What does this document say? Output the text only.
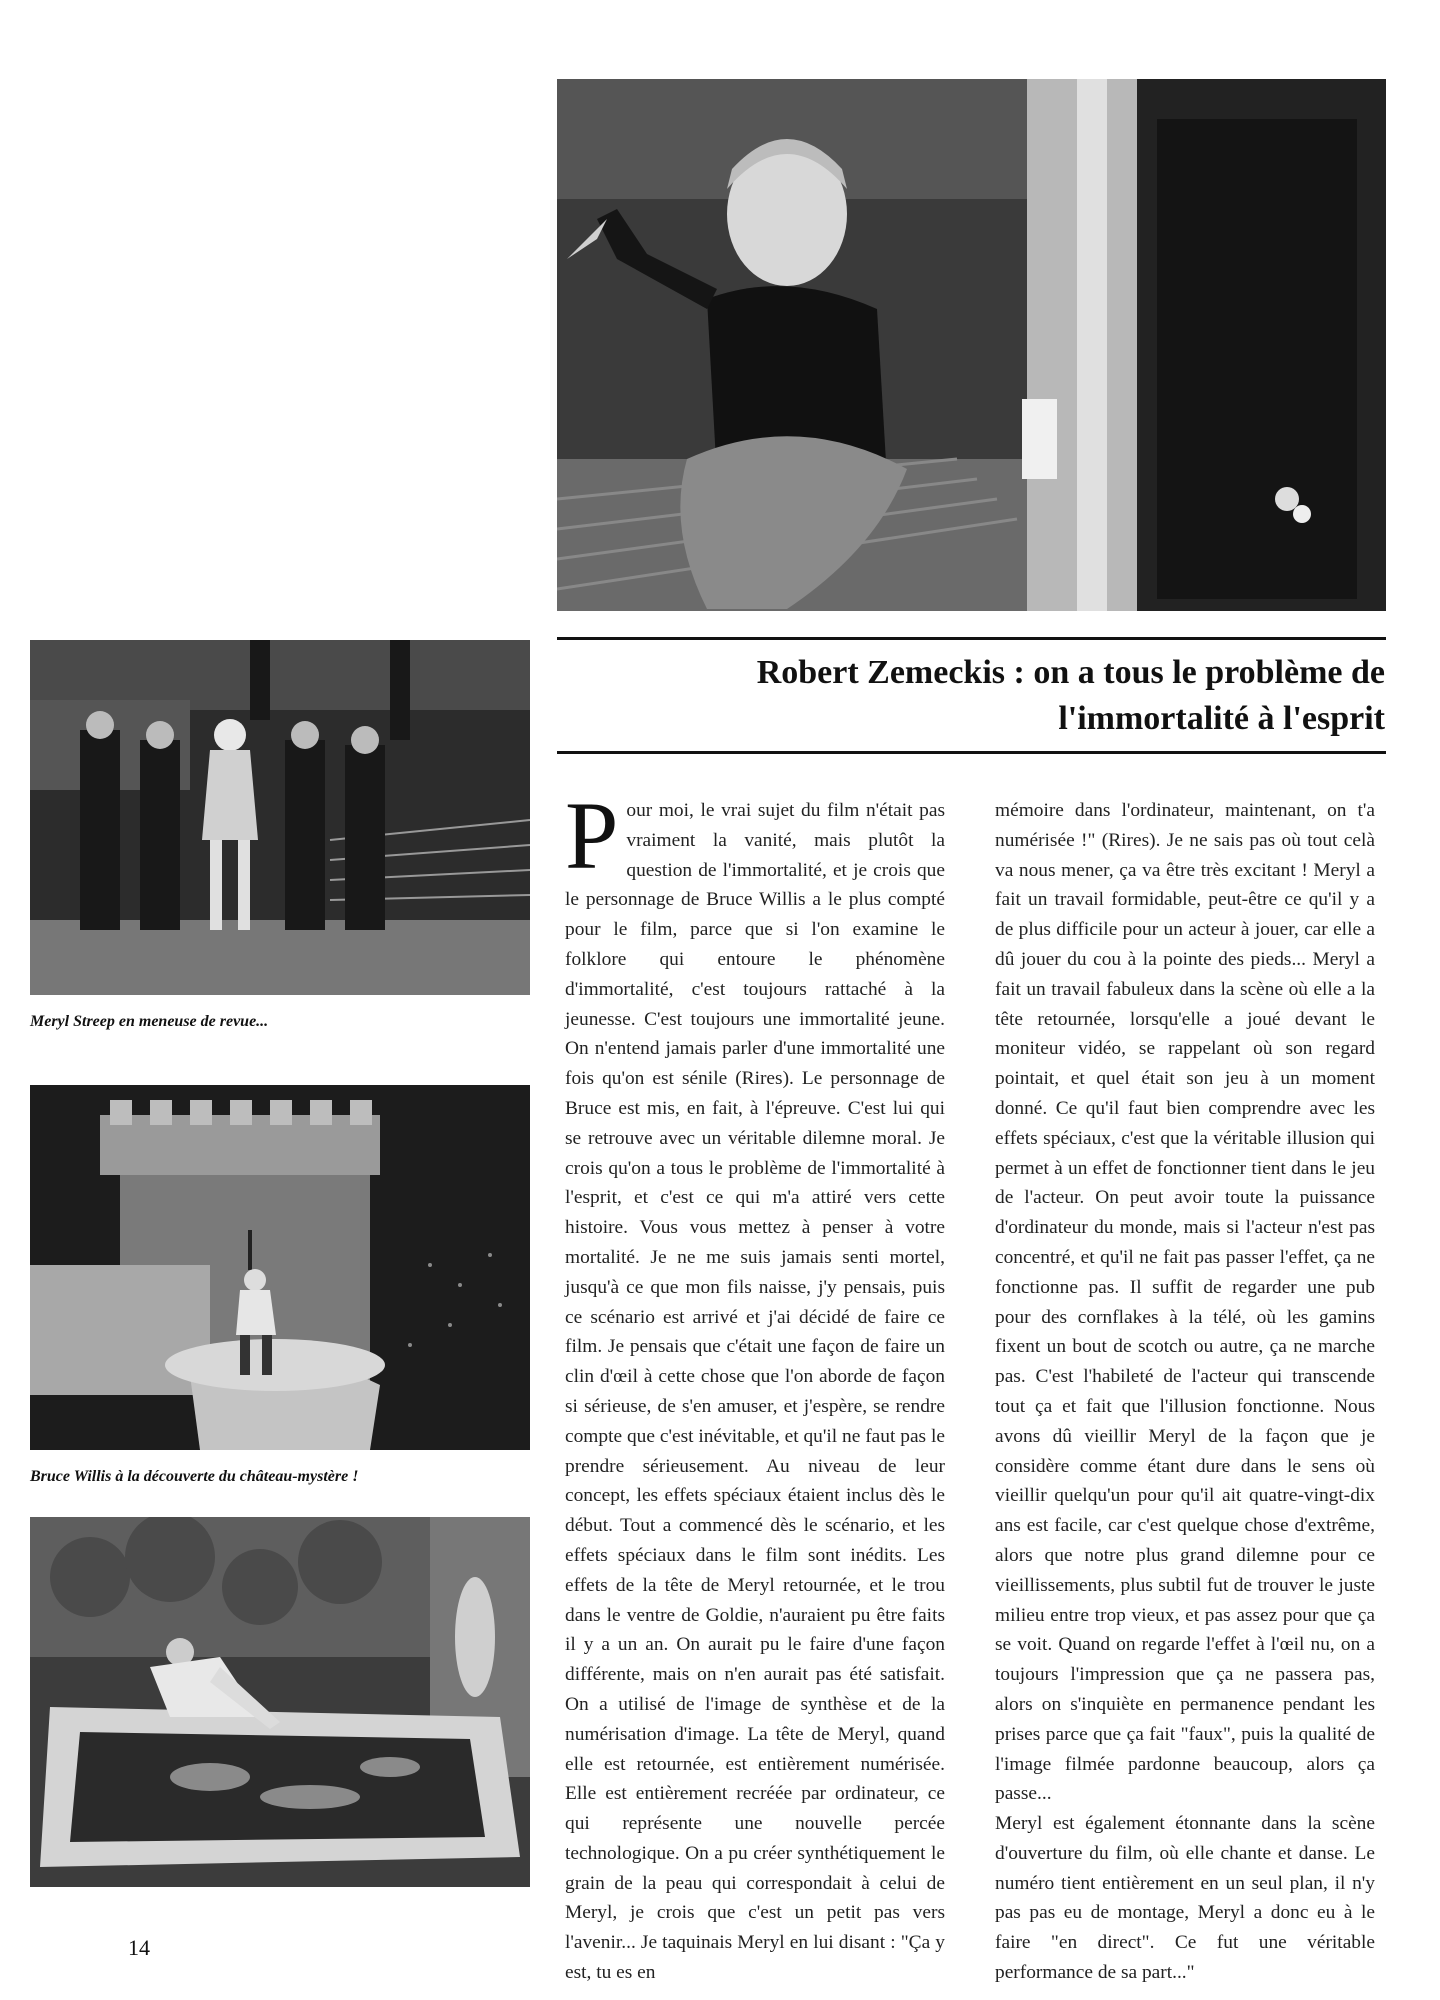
Meryl Streep en meneuse de revue...
Bruce Willis à la découverte du château-mystère !
Robert Zemeckis : on a tous le problème de
l'immortalité à l'esprit

Pour moi, le vrai sujet du film n'était pas vraiment la vanité, mais plutôt la question de l'immortalité, et je crois que le personnage de Bruce Willis a le plus compté pour le film, parce que si l'on examine le folklore qui entoure le phénomène d'immortalité, c'est toujours rattaché à la jeunesse. C'est toujours une immortalité jeune. On n'entend jamais parler d'une immortalité une fois qu'on est sénile (Rires). Le personnage de Bruce est mis, en fait, à l'épreuve. C'est lui qui se retrouve avec un véritable dilemne moral. Je crois qu'on a tous le problème de l'immortalité à l'esprit, et c'est ce qui m'a attiré vers cette histoire. Vous vous mettez à penser à votre mortalité. Je ne me suis jamais senti mortel, jusqu'à ce que mon fils naisse, j'y pensais, puis ce scénario est arrivé et j'ai décidé de faire ce film. Je pensais que c'était une façon de faire un clin d'œil à cette chose que l'on aborde de façon si sérieuse, de s'en amuser, et j'espère, se rendre compte que c'est inévitable, et qu'il ne faut pas le prendre sérieusement. Au niveau de leur concept, les effets spéciaux étaient inclus dès le début. Tout a commencé dès le scénario, et les effets spéciaux dans le film sont inédits. Les effets de la tête de Meryl retournée, et le trou dans le ventre de Goldie, n'auraient pu être faits il y a un an. On aurait pu le faire d'une façon différente, mais on n'en aurait pas été satisfait. On a utilisé de l'image de synthèse et de la numérisation d'image. La tête de Meryl, quand elle est retournée, est entièrement numérisée. Elle est entièrement recréée par ordinateur, ce qui représente une nouvelle percée technologique. On a pu créer synthétiquement le grain de la peau qui correspondait à celui de Meryl, je crois que c'est un petit pas vers l'avenir... Je taquinais Meryl en lui disant : "Ça y est, tu es en

mémoire dans l'ordinateur, maintenant, on t'a numérisée !" (Rires). Je ne sais pas où tout celà va nous mener, ça va être très excitant ! Meryl a fait un travail formidable, peut-être ce qu'il y a de plus difficile pour un acteur à jouer, car elle a dû jouer du cou à la pointe des pieds... Meryl a fait un travail fabuleux dans la scène où elle a la tête retournée, lorsqu'elle a joué devant le moniteur vidéo, se rappelant où son regard pointait, et quel était son jeu à un moment donné. Ce qu'il faut bien comprendre avec les effets spéciaux, c'est que la véritable illusion qui permet à un effet de fonctionner tient dans le jeu de l'acteur. On peut avoir toute la puissance d'ordinateur du monde, mais si l'acteur n'est pas concentré, et qu'il ne fait pas passer l'effet, ça ne fonctionne pas. Il suffit de regarder une pub pour des cornflakes à la télé, où les gamins fixent un bout de scotch ou autre, ça ne marche pas. C'est l'habileté de l'acteur qui transcende tout ça et fait que l'illusion fonctionne. Nous avons dû vieillir Meryl de la façon que je considère comme étant dure dans le sens où vieillir quelqu'un pour qu'il ait quatre-vingt-dix ans est facile, car c'est quelque chose d'extrême, alors que notre plus grand dilemne pour ce vieillissements, plus subtil fut de trouver le juste milieu entre trop vieux, et pas assez pour que ça se voit. Quand on regarde l'effet à l'œil nu, on a toujours l'impression que ça ne passera pas, alors on s'inquiète en permanence pendant les prises parce que ça fait "faux", puis la qualité de l'image filmée pardonne beaucoup, alors ça passe...

Meryl est également étonnante dans la scène d'ouverture du film, où elle chante et danse. Le numéro tient entièrement en un seul plan, il n'y pas pas eu de montage, Meryl a donc eu à le faire "en direct". Ce fut une véritable performance de sa part..."

14
